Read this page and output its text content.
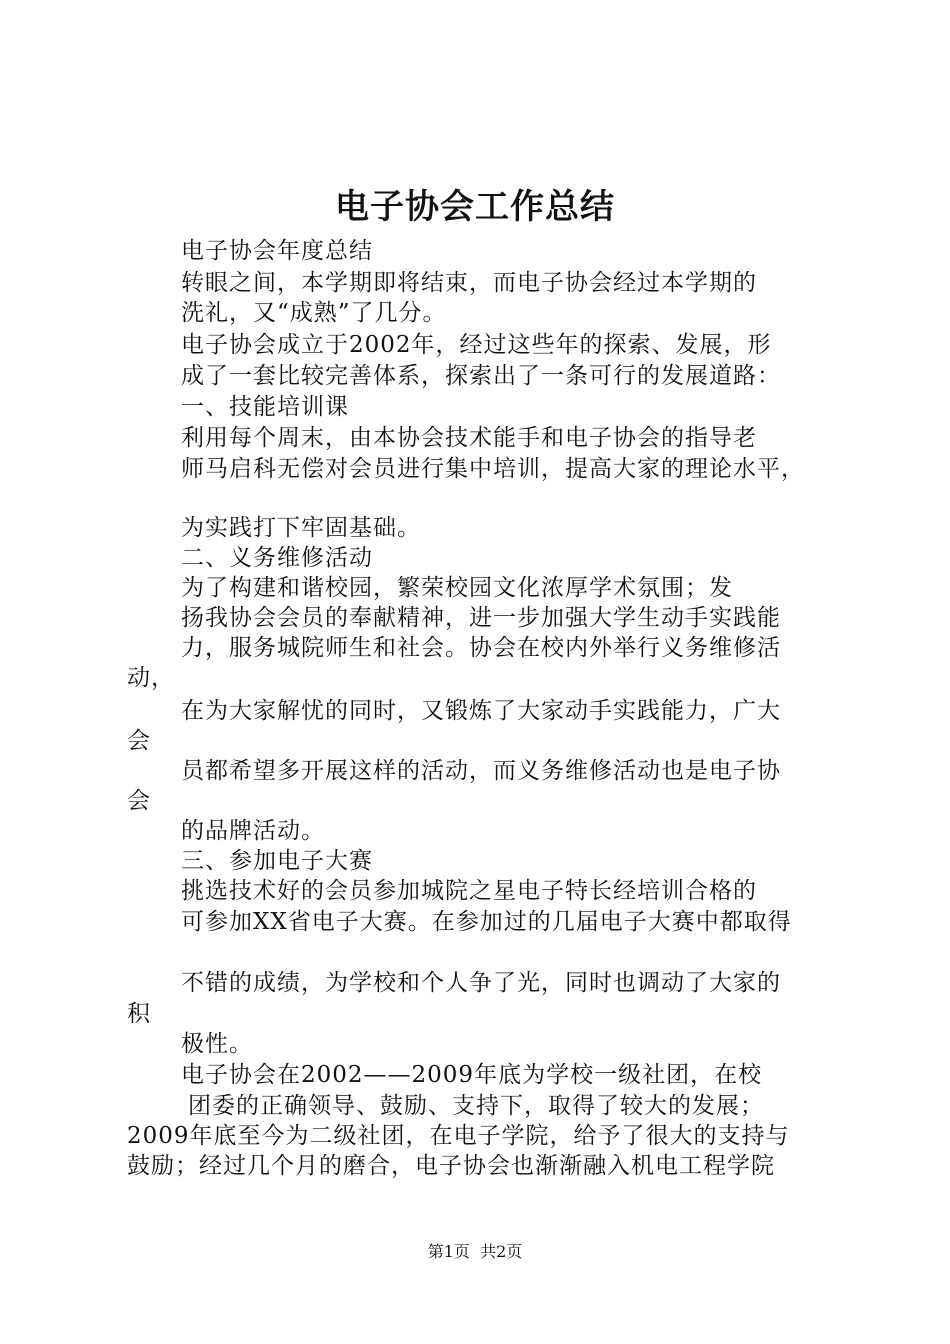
电子协会工作总结
电子协会年度总结
转眼之间，本学期即将结束，而电子协会经过本学期的
洗礼，又“成熟”了几分。
电子协会成立于2002年，经过这些年的探索、发展，形
成了一套比较完善体系，探索出了一条可行的发展道路：
一、技能培训课
利用每个周末，由本协会技术能手和电子协会的指导老
师马启科无偿对会员进行集中培训，提高大家的理论水平，
为实践打下牢固基础。
二、义务维修活动
为了构建和谐校园，繁荣校园文化浓厚学术氛围；发
扬我协会会员的奉献精神，进一步加强大学生动手实践能
力，服务城院师生和社会。协会在校内外举行义务维修活
动，
在为大家解忧的同时，又锻炼了大家动手实践能力，广大
会
员都希望多开展这样的活动，而义务维修活动也是电子协
会
的品牌活动。
三、参加电子大赛
挑选技术好的会员参加城院之星电子特长经培训合格的
可参加XX省电子大赛。在参加过的几届电子大赛中都取得
不错的成绩，为学校和个人争了光，同时也调动了大家的
积
极性。
电子协会在2002——2009年底为学校一级社团，在校
团委的正确领导、鼓励、支持下，取得了较大的发展；
2009年底至今为二级社团，在电子学院，给予了很大的支持与
鼓励；经过几个月的磨合，电子协会也渐渐融入机电工程学院
第1页  共2页
